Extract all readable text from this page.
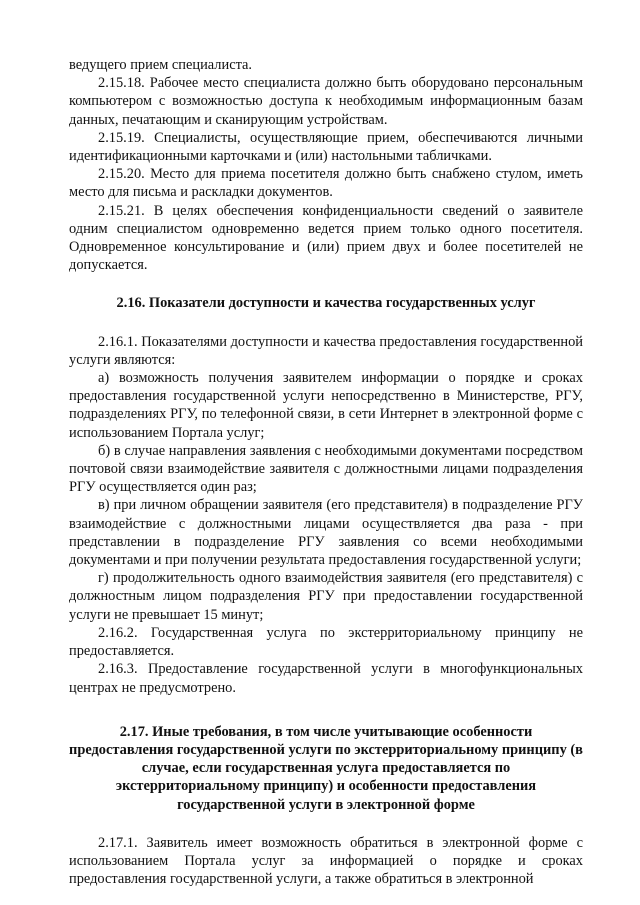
ведущего прием специалиста.

2.15.18. Рабочее место специалиста должно быть оборудовано персональным компьютером с возможностью доступа к необходимым информационным базам данных, печатающим и сканирующим устройствам.

2.15.19. Специалисты, осуществляющие прием, обеспечиваются личными идентификационными карточками и (или) настольными табличками.

2.15.20. Место для приема посетителя должно быть снабжено стулом, иметь место для письма и раскладки документов.

2.15.21. В целях обеспечения конфиденциальности сведений о заявителе одним специалистом одновременно ведется прием только одного посетителя. Одновременное консультирование и (или) прием двух и более посетителей не допускается.

2.16. Показатели доступности и качества государственных услуг

2.16.1. Показателями доступности и качества предоставления государственной услуги являются:

а) возможность получения заявителем информации о порядке и сроках предоставления государственной услуги непосредственно в Министерстве, РГУ, подразделениях РГУ, по телефонной связи, в сети Интернет в электронной форме с использованием Портала услуг;

б) в случае направления заявления с необходимыми документами посредством почтовой связи взаимодействие заявителя с должностными лицами подразделения РГУ осуществляется один раз;

в) при личном обращении заявителя (его представителя) в подразделение РГУ взаимодействие с должностными лицами осуществляется два раза - при представлении в подразделение РГУ заявления со всеми необходимыми документами и при получении результата предоставления государственной услуги;

г) продолжительность одного взаимодействия заявителя (его представителя) с должностным лицом подразделения РГУ при предоставлении государственной услуги не превышает 15 минут;

2.16.2. Государственная услуга по экстерриториальному принципу не предоставляется.

2.16.3. Предоставление государственной услуги в многофункциональных центрах не предусмотрено.

2.17. Иные требования, в том числе учитывающие особенности предоставления государственной услуги по экстерриториальному принципу (в случае, если государственная услуга предоставляется по экстерриториальному принципу) и особенности предоставления государственной услуги в электронной форме

2.17.1. Заявитель имеет возможность обратиться в электронной форме с использованием Портала услуг за информацией о порядке и сроках предоставления государственной услуги, а также обратиться в электронной
